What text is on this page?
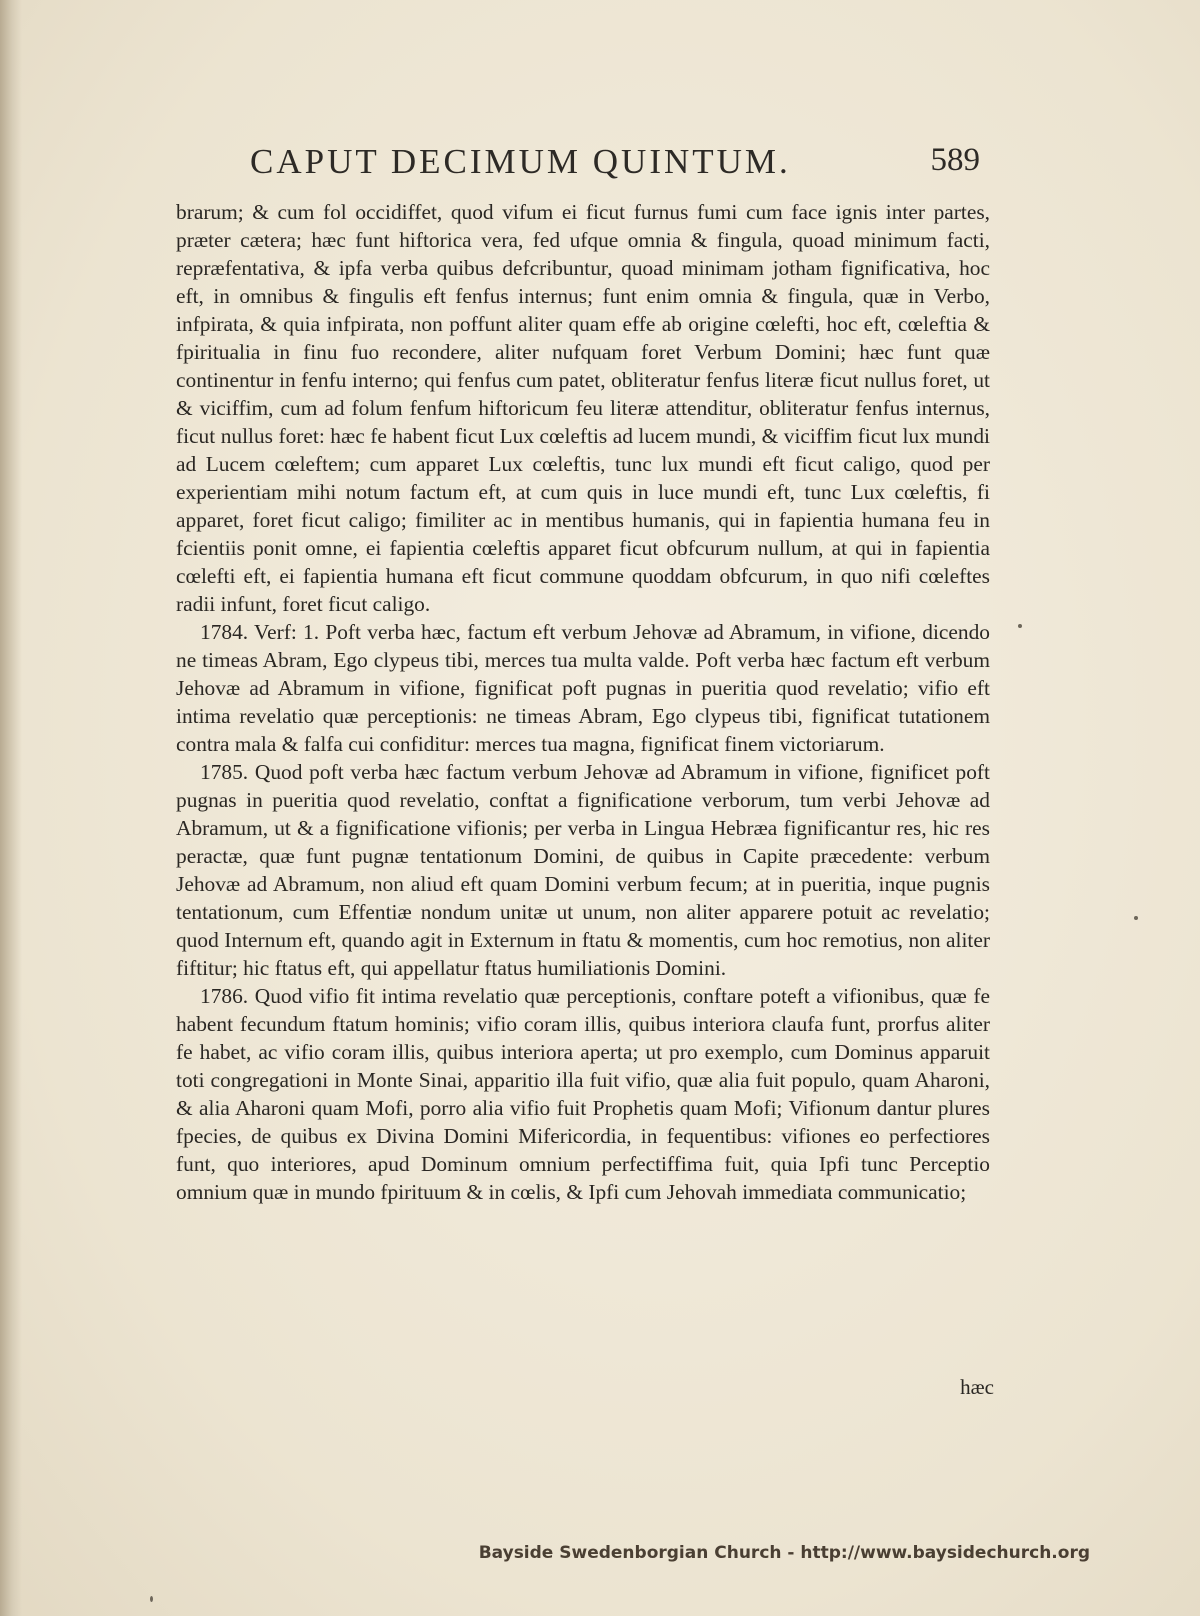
CAPUT DECIMUM QUINTUM.	589

brarum; & cum fol occidiffet, quod vifum ei ficut furnus fumi cum face ignis inter partes, præter cætera; hæc funt hiftorica vera, fed ufque omnia & fingula, quoad minimum facti, repræfentativa, & ipfa verba quibus defcribuntur, quoad minimam jotham fignificativa, hoc eft, in omnibus & fingulis eft fenfus internus; funt enim omnia & fingula, quæ in Verbo, infpirata, & quia infpirata, non poffunt aliter quam effe ab origine cœlefti, hoc eft, cœleftia & fpiritualia in finu fuo recondere, aliter nufquam foret Verbum Domini; hæc funt quæ continentur in fenfu interno; qui fenfus cum patet, obliteratur fenfus literæ ficut nullus foret, ut & viciffim, cum ad folum fenfum hiftoricum feu literæ attenditur, obliteratur fenfus internus, ficut nullus foret: hæc fe habent ficut Lux cœleftis ad lucem mundi, & viciffim ficut lux mundi ad Lucem cœleftem; cum apparet Lux cœleftis, tunc lux mundi eft ficut caligo, quod per experientiam mihi notum factum eft, at cum quis in luce mundi eft, tunc Lux cœleftis, fi apparet, foret ficut caligo; fimiliter ac in mentibus humanis, qui in fapientia humana feu in fcientiis ponit omne, ei fapientia cœleftis apparet ficut obfcurum nullum, at qui in fapientia cœlefti eft, ei fapientia humana eft ficut commune quoddam obfcurum, in quo nifi cœleftes radii infunt, foret ficut caligo.

1784. Verf: 1. Poft verba hæc, factum eft verbum Jehovæ ad Abramum, in vifione, dicendo ne timeas Abram, Ego clypeus tibi, merces tua multa valde. Poft verba hæc factum eft verbum Jehovæ ad Abramum in vifione, fignificat poft pugnas in pueritia quod revelatio; vifio eft intima revelatio quæ perceptionis: ne timeas Abram, Ego clypeus tibi, fignificat tutationem contra mala & falfa cui confiditur: merces tua magna, fignificat finem victoriarum.

1785. Quod poft verba hæc factum verbum Jehovæ ad Abramum in vifione, fignificet poft pugnas in pueritia quod revelatio, conftat a fignificatione verborum, tum verbi Jehovæ ad Abramum, ut & a fignificatione vifionis; per verba in Lingua Hebræa fignificantur res, hic res peractæ, quæ funt pugnæ tentationum Domini, de quibus in Capite præcedente: verbum Jehovæ ad Abramum, non aliud eft quam Domini verbum fecum; at in pueritia, inque pugnis tentationum, cum Effentiæ nondum unitæ ut unum, non aliter apparere potuit ac revelatio; quod Internum eft, quando agit in Externum in ftatu & momentis, cum hoc remotius, non aliter fiftitur; hic ftatus eft, qui appellatur ftatus humiliationis Domini.

1786. Quod vifio fit intima revelatio quæ perceptionis, conftare poteft a vifionibus, quæ fe habent fecundum ftatum hominis; vifio coram illis, quibus interiora claufa funt, prorfus aliter fe habet, ac vifio coram illis, quibus interiora aperta; ut pro exemplo, cum Dominus apparuit toti congregationi in Monte Sinai, apparitio illa fuit vifio, quæ alia fuit populo, quam Aharoni, & alia Aharoni quam Mofi, porro alia vifio fuit Prophetis quam Mofi; Vifionum dantur plures fpecies, de quibus ex Divina Domini Mifericordia, in fequentibus: vifiones eo perfectiores funt, quo interiores, apud Dominum omnium perfectiffima fuit, quia Ipfi tunc Perceptio omnium quæ in mundo fpirituum & in cœlis, & Ipfi cum Jehovah immediata communicatio;

hæc
Bayside Swedenborgian Church - http://www.baysidechurch.org
